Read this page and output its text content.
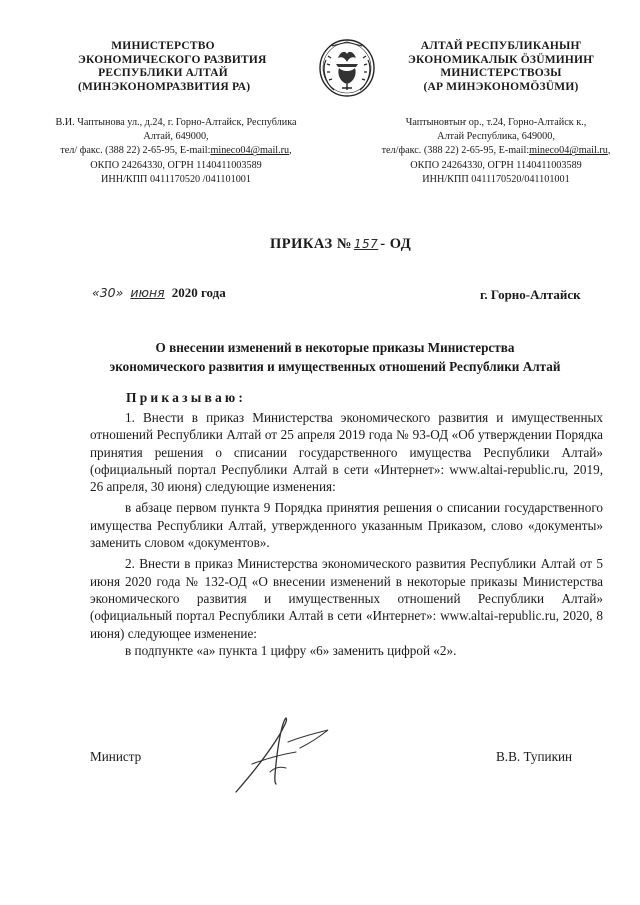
МИНИСТЕРСТВО
ЭКОНОМИЧЕСКОГО РАЗВИТИЯ
РЕСПУБЛИКИ АЛТАЙ
(МИНЭКОНОМРАЗВИТИЯ РА)
В.И. Чаптынова ул., д.24, г. Горно-Алтайск, Республика
Алтай, 649000,
тел/ факс. (388 22) 2-65-95, E-mail:mineco04@mail.ru,
ОКПО 24264330, ОГРН 1140411003589
ИНН/КПП 0411170520 /041101001
АЛТАЙ РЕСПУБЛИКАНЫҤ
ЭКОНОМИКАЛЫК ÖЗÜМИНИҤ
МИНИСТЕРСТВОЗЫ
(АР МИНЭКОНОМÖЗÜМИ)
Чаптыновтыҥ ор., т.24, Горно-Алтайск к.,
Алтай Республика, 649000,
тел/факс. (388 22) 2-65-95, E-mail:mineco04@mail.ru,
ОКПО 24264330, ОГРН 1140411003589
ИНН/КПП 0411170520/041101001
ПРИКАЗ № 157 - ОД
«30» июня 2020 года	г. Горно-Алтайск
О внесении изменений в некоторые приказы Министерства
экономического развития и имущественных отношений Республики Алтай
Приказываю:

1. Внести в приказ Министерства экономического развития и имущественных отношений Республики Алтай от 25 апреля 2019 года № 93-ОД «Об утверждении Порядка принятия решения о списании государственного имущества Республики Алтай» (официальный портал Республики Алтай в сети «Интернет»: www.altai-republic.ru, 2019, 26 апреля, 30 июня) следующие изменения:

в абзаце первом пункта 9 Порядка принятия решения о списании государственного имущества Республики Алтай, утвержденного указанным Приказом, слово «документы» заменить словом «документов».

2. Внести в приказ Министерства экономического развития Республики Алтай от 5 июня 2020 года № 132-ОД «О внесении изменений в некоторые приказы Министерства экономического развития и имущественных отношений Республики Алтай» (официальный портал Республики Алтай в сети «Интернет»: www.altai-republic.ru, 2020, 8 июня) следующее изменение:

в подпункте «а» пункта 1 цифру «6» заменить цифрой «2».

Министр	В.В. Тупикин
